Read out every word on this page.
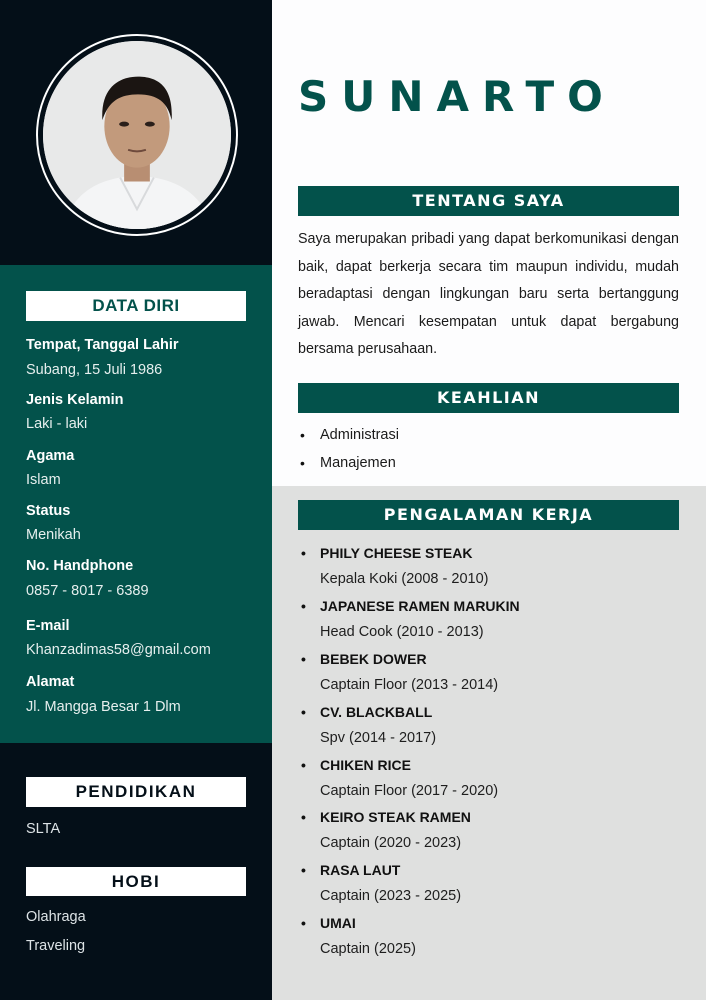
DATA DIRI
Tempat, Tanggal Lahir
Subang, 15 Juli 1986
Jenis Kelamin
Laki - laki
Agama
Islam
Status
Menikah
No. Handphone
0857 - 8017 - 6389
E-mail
Khanzadimas58@gmail.com
Alamat
Jl. Mangga Besar 1 Dlm
PENDIDIKAN
SLTA
HOBI
Olahraga
Traveling
SUNARTO
TENTANG SAYA

Saya merupakan pribadi yang dapat berkomunikasi dengan baik, dapat berkerja secara tim maupun individu, mudah beradaptasi dengan lingkungan baru serta bertanggung jawab. Mencari kesempatan untuk dapat bergabung bersama perusahaan.

KEAHLIAN
• Administrasi
• Manajemen
PENGALAMAN KERJA
• PHILY CHEESE STEAK
Kepala Koki (2008 - 2010)
• JAPANESE RAMEN MARUKIN
Head Cook (2010 - 2013)
• BEBEK DOWER
Captain Floor (2013 - 2014)
• CV. BLACKBALL
Spv (2014 - 2017)
• CHIKEN RICE
Captain Floor (2017 - 2020)
• KEIRO STEAK RAMEN
Captain (2020 - 2023)
• RASA LAUT
Captain (2023 - 2025)
• UMAI
Captain (2025)
